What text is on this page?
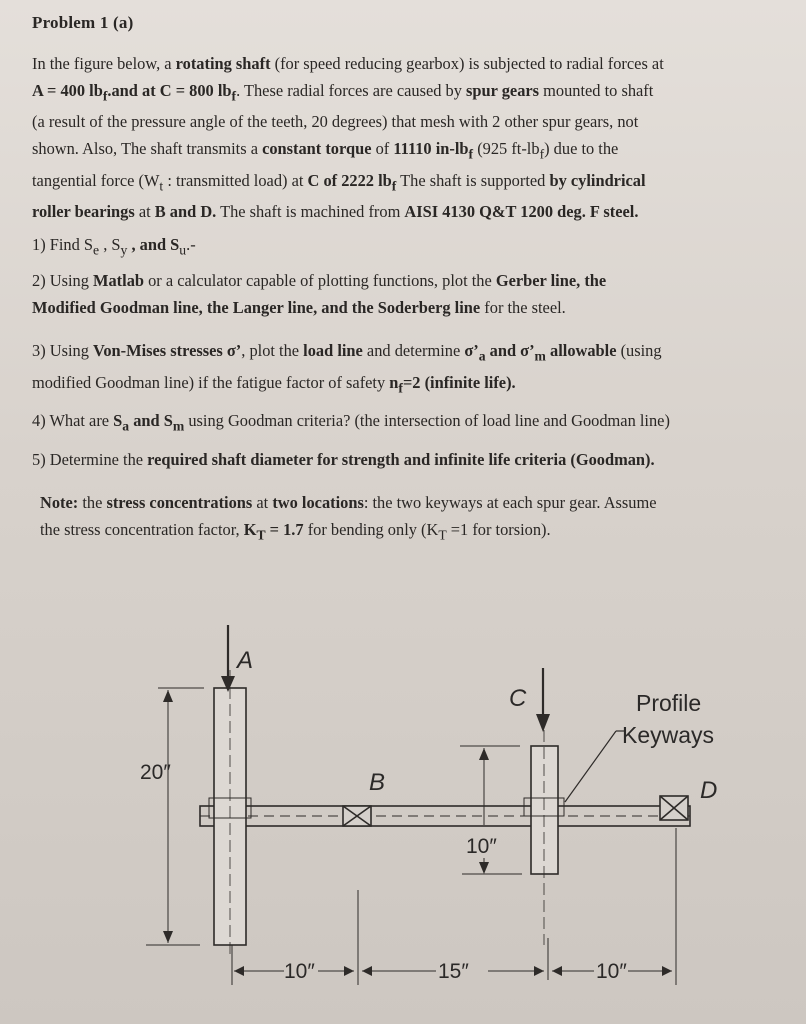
Problem 1 (a)
In the figure below, a rotating shaft (for speed reducing gearbox) is subjected to radial forces at
A = 400 $lb_f.and$ at C = 800 $lb_f$. These radial forces are caused by spur gears mounted to shaft
(a result of the pressure angle of the teeth, 20 degrees) that mesh with 2 other spur gears, not
shown. Also, The shaft transmits a constant torque of 11110 $in-lb_f$ (925 $ft-lb_f$) due to the
tangential force ($W_t$ : transmitted load) at C of 2222 $lb_f$ The shaft is supported by cylindrical
roller bearings at B and D. The shaft is machined from AISI 4130 Q&T 1200 deg. F steel.
1) Find $S_e$ , $S_y$ , and $S_u.-$
2) Using Matlab or a calculator capable of plotting functions, plot the Gerber line, the
Modified Goodman line, the Langer line, and the Soderberg line for the steel.
3) Using Von-Mises stresses σ’, plot the load line and determine $\sigma’_a$ and $\sigma’_m$ allowable (using
modified Goodman line) if the fatigue factor of safety $n_f=2$ (infinite life).
4) What are $S_a$ and $S_m$ using Goodman criteria? (the intersection of load line and Goodman line)
5) Determine the required shaft diameter for strength and infinite life criteria (Goodman).
Note: the stress concentrations at two locations: the two keyways at each spur gear. Assume
the stress concentration factor, $K_T = 1.7$ for bending only ($K_T =1$ for torsion).
A
B
C
D
Profile
Keyways
20″
10″
10″	15″	10″
